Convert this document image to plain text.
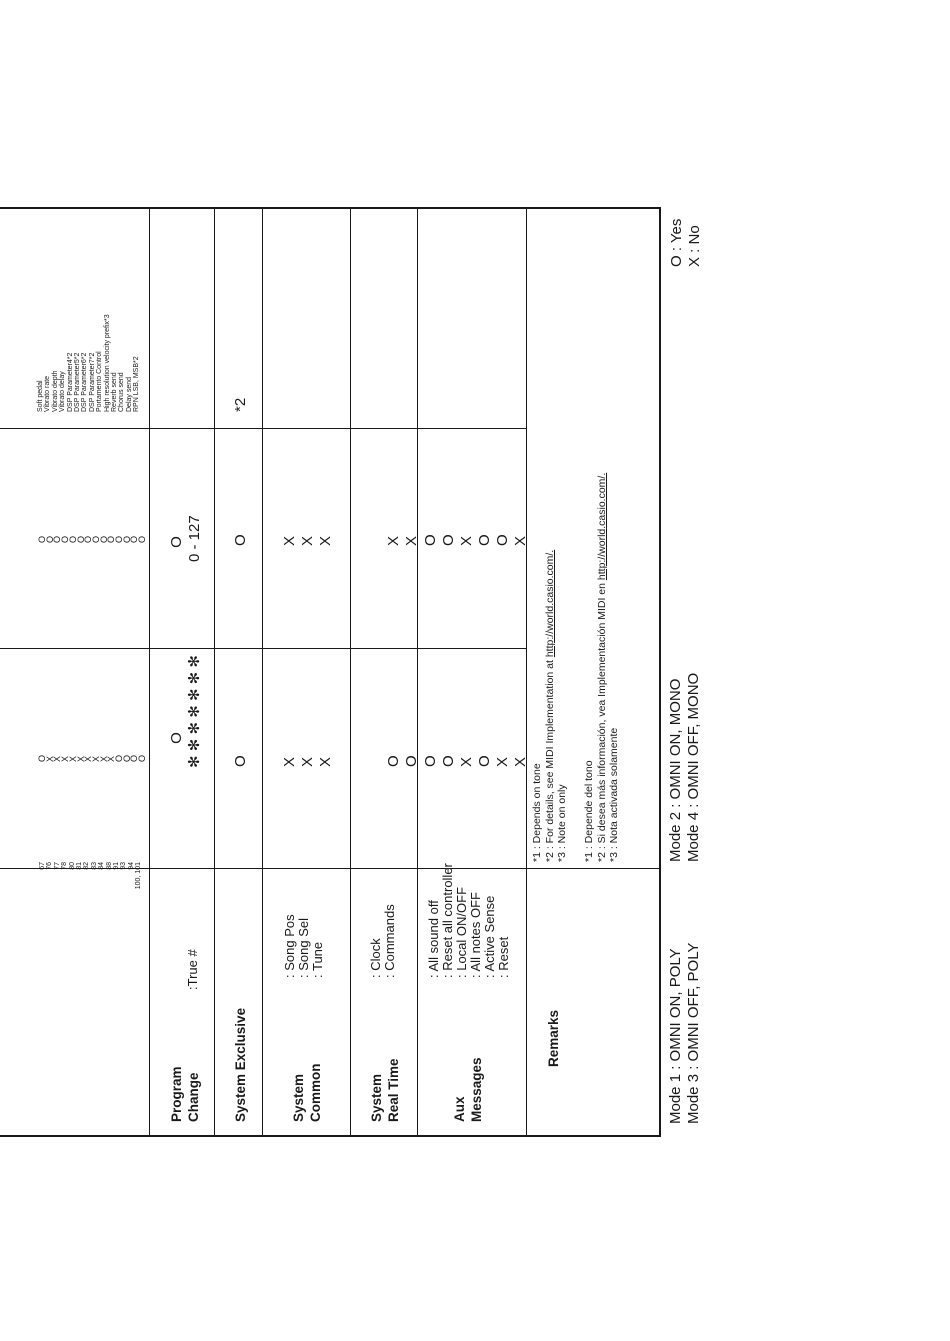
67 76 77 78 80 81 82 83 84 88 91 93 94 100, 101
O
X
X
X
X
X
X
X
X
X
O
O
O
O
O
O
O
O
O
O
O
O
O
O
O
O
O
O
Soft pedal Vibrato rate Vibrato depth Vibrato delay DSP Parameter4*2 DSP Parameter5*2 DSP Parameter6*2 DSP Parameter7*2 Portamento Control High resolution velocity prefix*3 Reverb send Chorus send Delay send RPN LSB, MSB*2
Program Change
:True #
O ✻ ✻ ✻ ✻ ✻ ✻ ✻
O 0 - 127
System Exclusive
O
O
*2
System Common
: Song Pos : Song Sel : Tune
X X X
X X X
System Real Time
: Clock : Commands
O O
X X
Aux Messages
: All sound off : Reset all controller : Local ON/OFF : All notes OFF : Active Sense : Reset
O O X O X X
O O X O O X
Remarks
*1 : Depends on tone *2 : For details, see MIDI Implementation at http://world.casio.com/.
*3 : Note on only *1 : Depende del tono *2 : Si desea más información, vea Implementación MIDI en http://world.casio.com/.
*3 : Nota activada solamente
Mode 1 : OMNI ON, POLY Mode 3 : OMNI OFF, POLY
Mode 2 : OMNI ON, MONO Mode 4 : OMNI OFF, MONO
O : Yes X : No
